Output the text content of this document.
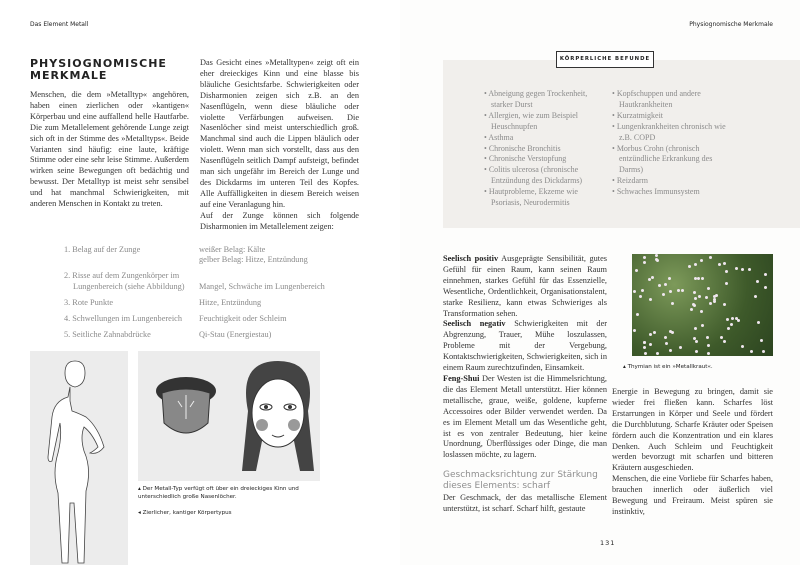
Das Element Metall
PHYSIOGNOMISCHE MERKMALE

Menschen, die dem »Metalltyp« angehören, haben einen zierlichen oder »kantigen« Körperbau und eine auffallend helle Hautfarbe. Die zum Metallelement gehörende Lunge zeigt sich oft in der Stimme des »Metalltyps«. Beide Varianten sind häufig: eine laute, kräftige Stimme oder eine sehr leise Stimme. Außerdem wirken seine Bewegungen oft bedächtig und bewusst. Der Metalltyp ist meist sehr sensibel und hat manchmal Schwierigkeiten, mit anderen Menschen in Kontakt zu treten.

Das Gesicht eines »Metalltypen« zeigt oft ein eher dreieckiges Kinn und eine blasse bis bläuliche Gesichtsfarbe. Schwierigkeiten oder Disharmonien zeigen sich z.B. an den Nasenflügeln, wenn diese bläuliche oder violette Verfärbungen aufweisen. Die Nasenlöcher sind meist unterschiedlich groß. Manchmal sind auch die Lippen bläulich oder violett. Wenn man sich vorstellt, dass aus den Nasenflügeln seitlich Dampf aufsteigt, befindet man sich ungefähr im Bereich der Lunge und des Dickdarms im unteren Teil des Kopfes. Alle Auffälligkeiten in diesem Bereich weisen auf eine Veranlagung hin.

Auf der Zunge können sich folgende Disharmonien im Metallelement zeigen:

1. Belag auf der Zunge	weißer Belag: Kälte
gelber Belag: Hitze, Entzündung
2. Risse auf dem Zungenkörper im Lungenbereich (siehe Abbildung)	Mangel, Schwäche im Lungenbereich
3. Rote Punkte	Hitze, Entzündung
4. Schwellungen im Lungenbereich	Feuchtigkeit oder Schleim
5. Seitliche Zahnabdrücke	Qi-Stau (Energiestau)
▴ Der Metall-Typ verfügt oft über ein dreieckiges Kinn und unterschiedlich große Nasenlöcher.
◂ Zierlicher, kantiger Körpertypus
Physiognomische Merkmale
KÖRPERLICHE BEFUNDE
• Abneigung gegen Trockenheit, starker Durst
• Allergien, wie zum Beispiel Heuschnupfen
• Asthma
• Chronische Bronchitis
• Chronische Verstopfung
• Colitis ulcerosa (chronische Entzündung des Dickdarms)
• Hautprobleme, Ekzeme wie Psoriasis, Neurodermitis
• Kopfschuppen und andere Hautkrankheiten
• Kurzatmigkeit
• Lungenkrankheiten chronisch wie z.B. COPD
• Morbus Crohn (chronisch entzündliche Erkrankung des Darms)
• Reizdarm
• Schwaches Immunsystem

Seelisch positiv Ausgeprägte Sensibilität, gutes Gefühl für einen Raum, kann seinen Raum einnehmen, starkes Gefühl für das Essenzielle, Wesentliche, Ordentlichkeit, Organisationstalent, starke Resilienz, kann etwas Schwieriges als Transformation sehen.

Seelisch negativ Schwierigkeiten mit der Abgrenzung, Trauer, Mühe loszulassen, Probleme mit der Vergebung, Kontaktschwierigkeiten, Schwierigkeiten, sich in einem Raum zurechtzufinden, Einsamkeit.

Feng-Shui Der Westen ist die Himmelsrichtung, die das Element Metall unterstützt. Hier können metallische, graue, weiße, goldene, kupferne Accessoires oder Bilder verwendet werden. Da es im Element Metall um das Wesentliche geht, ist es von zentraler Bedeutung, hier keine Unordnung, Überflüssiges oder Dinge, die man loslassen möchte, zu lagern.

Geschmacksrichtung zur Stärkung dieses Elements: scharf

Der Geschmack, der das metallische Element unterstützt, ist scharf. Scharf hilft, gestaute

▴ Thymian ist ein »Metallkraut«.

Energie in Bewegung zu bringen, damit sie wieder frei fließen kann. Scharfes löst Erstarrungen in Körper und Seele und fördert die Durchblutung. Scharfe Kräuter oder Speisen fördern auch die Konzentration und ein klares Denken. Auch Schleim und Feuchtigkeit werden bevorzugt mit scharfen und bitteren Kräutern ausgeschieden.

Menschen, die eine Vorliebe für Scharfes haben, brauchen innerlich oder äußerlich viel Bewegung und Freiraum. Meist spüren sie instinktiv,

131
